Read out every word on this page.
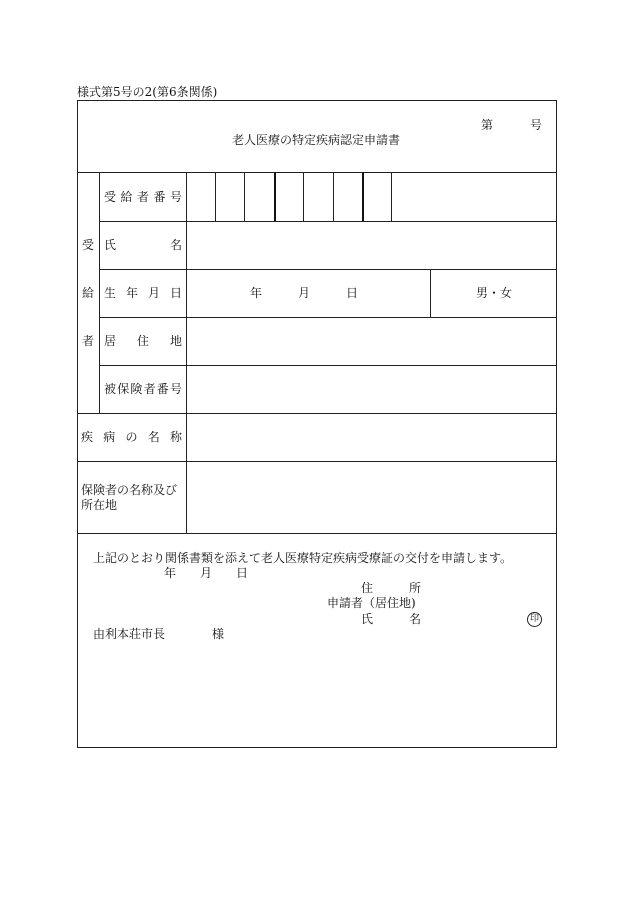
様式第5号の2(第6条関係)
第	号
老人医療の特定疾病認定申請書
受
給
者
受 給 者 番 号
氏	名
生 年 月 日	年	月	日	男・女
居 住 地
被 保 険 者 番 号
疾 病 の 名 称
保険者の名称及び
所在地
上記のとおり関係書類を添えて老人医療特定疾病受療証の交付を申請します。
年 月 日
住	所
申請者（居住地)
氏	名	印
由利本荘市長	様
